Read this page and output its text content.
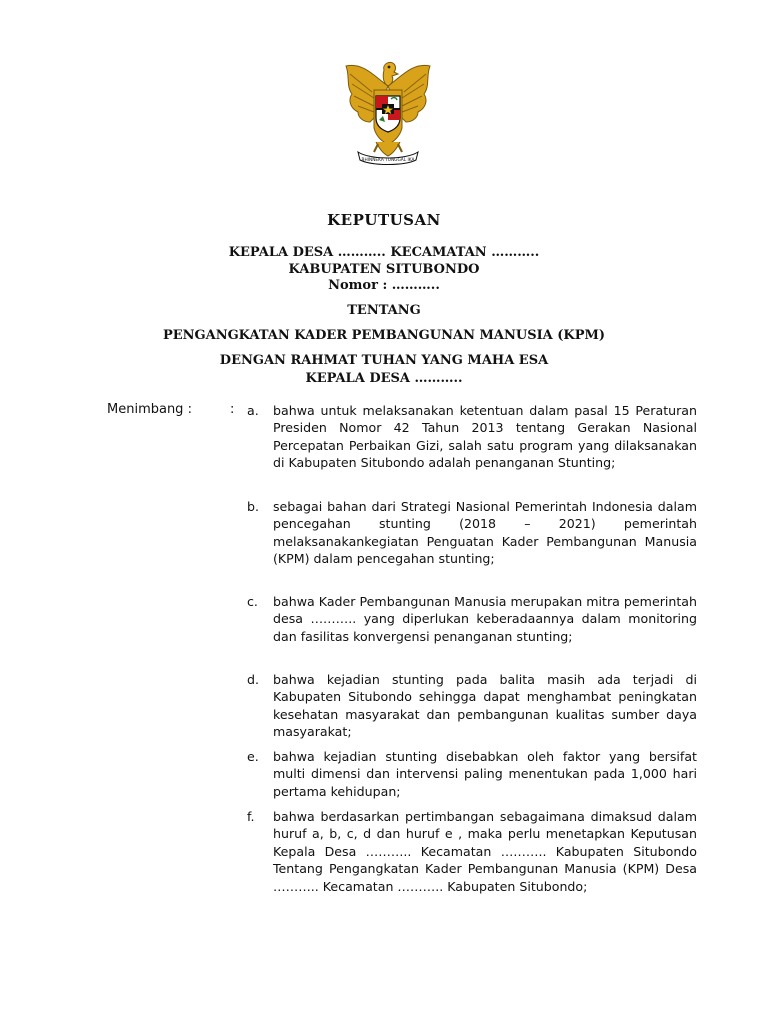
BHINNEKA TUNGGAL IKA
KEPUTUSAN
KEPALA DESA ……….. KECAMATAN ………..
KABUPATEN SITUBONDO
Nomor : ………..
TENTANG
PENGANGKATAN KADER PEMBANGUNAN MANUSIA (KPM)
DENGAN RAHMAT TUHAN YANG MAHA ESA
KEPALA DESA ………..
Menimbang :	: a.	bahwa untuk melaksanakan ketentuan dalam pasal 15 Peraturan Presiden Nomor 42 Tahun 2013 tentang Gerakan Nasional Percepatan Perbaikan Gizi, salah satu program yang dilaksanakan di Kabupaten Situbondo adalah penanganan Stunting;
b.	sebagai bahan dari Strategi Nasional Pemerintah Indonesia dalam pencegahan stunting (2018 – 2021) pemerintah melaksanakankegiatan Penguatan Kader Pembangunan Manusia (KPM) dalam pencegahan stunting;
c.	bahwa Kader Pembangunan Manusia merupakan mitra pemerintah desa ……….. yang diperlukan keberadaannya dalam monitoring dan fasilitas konvergensi penanganan stunting;
d.	bahwa kejadian stunting pada balita masih ada terjadi di Kabupaten Situbondo sehingga dapat menghambat peningkatan kesehatan masyarakat dan pembangunan kualitas sumber daya masyarakat;
e.	bahwa kejadian stunting disebabkan oleh faktor yang bersifat multi dimensi dan intervensi paling menentukan pada 1,000 hari pertama kehidupan;
f.	bahwa berdasarkan pertimbangan sebagaimana dimaksud dalam huruf a, b, c, d dan huruf e , maka perlu menetapkan Keputusan Kepala Desa ……….. Kecamatan ……….. Kabupaten Situbondo Tentang Pengangkatan Kader Pembangunan Manusia (KPM) Desa ……….. Kecamatan ……….. Kabupaten Situbondo;
